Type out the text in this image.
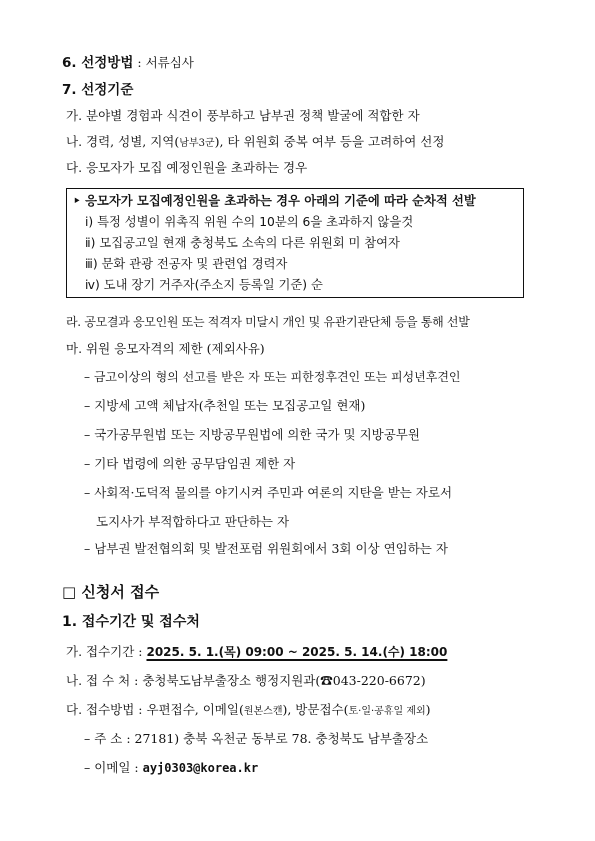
6. 선정방법 : 서류심사
7. 선정기준
가. 분야별 경험과 식견이 풍부하고 남부권 정책 발굴에 적합한 자
나. 경력, 성별, 지역(남부3군), 타 위원회 중복 여부 등을 고려하여 선정
다. 응모자가 모집 예정인원을 초과하는 경우
‣ 응모자가 모집예정인원을 초과하는 경우 아래의 기준에 따라 순차적 선발
ⅰ) 특정 성별이 위촉직 위원 수의 10분의 6을 초과하지 않을것
ⅱ) 모집공고일 현재 충청북도 소속의 다른 위원회 미 참여자
ⅲ) 문화 관광 전공자 및 관련업 경력자
ⅳ) 도내 장기 거주자(주소지 등록일 기준) 순
라. 공모결과 응모인원 또는 적격자 미달시 개인 및 유관기관단체 등을 통해 선발
마. 위원 응모자격의 제한 (제외사유)
– 금고이상의 형의 선고를 받은 자 또는 피한정후견인 또는 피성년후견인
– 지방세 고액 체납자(추천일 또는 모집공고일 현재)
– 국가공무원법 또는 지방공무원법에 의한 국가 및 지방공무원
– 기타 법령에 의한 공무담임권 제한 자
– 사회적·도덕적 물의를 야기시켜 주민과 여론의 지탄을 받는 자로서
도지사가 부적합하다고 판단하는 자
– 남부권 발전협의회 및 발전포럼 위원회에서 3회 이상 연임하는 자
□ 신청서 접수
1. 접수기간 및 접수처
가. 접수기간 : 2025. 5. 1.(목) 09:00 ~ 2025. 5. 14.(수) 18:00
나. 접 수 처 : 충청북도남부출장소 행정지원과(☎043-220-6672)
다. 접수방법 : 우편접수, 이메일(원본스캔), 방문접수(토·일·공휴일 제외)
– 주 소 : 27181) 충북 옥천군 동부로 78. 충청북도 남부출장소
– 이메일 : ayj0303@korea.kr
